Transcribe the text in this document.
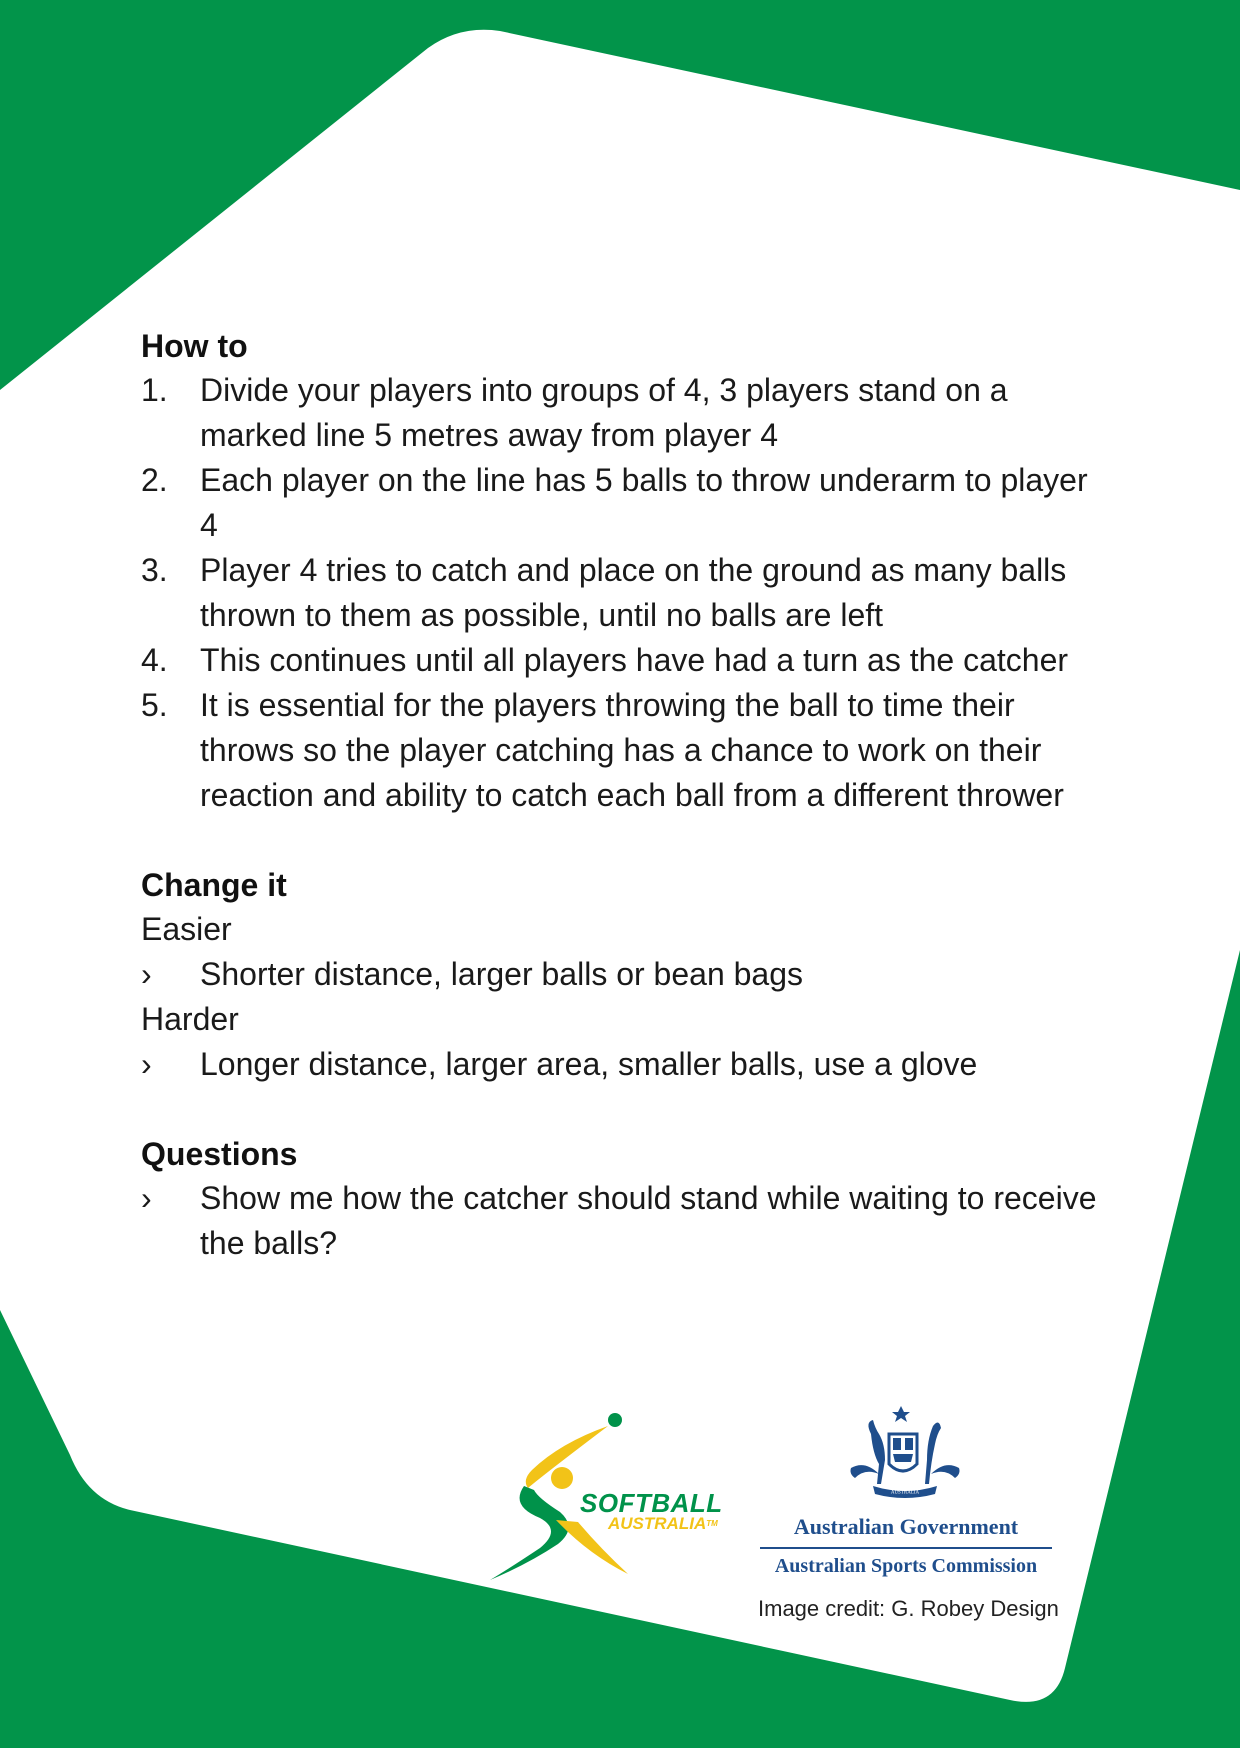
How to
1.	Divide your players into groups of 4, 3 players stand on a marked line 5 metres away from player 4
2.	Each player on the line has 5 balls to throw underarm to player 4
3.	Player 4 tries to catch and place on the ground as many balls thrown to them as possible, until no balls are left
4.	This continues until all players have had a turn as the catcher
5.	It is essential for the players throwing the ball to time their throws so the player catching has a chance to work on their reaction and ability to catch each ball from a different thrower
Change it
Easier
›	Shorter distance, larger balls or bean bags
Harder
›	Longer distance, larger area, smaller balls, use a glove
Questions
›	Show me how the catcher should stand while waiting to receive the balls?
SOFTBALL
AUSTRALIA™
AUSTRALIA
Australian Government
Australian Sports Commission
Image credit: G. Robey Design
